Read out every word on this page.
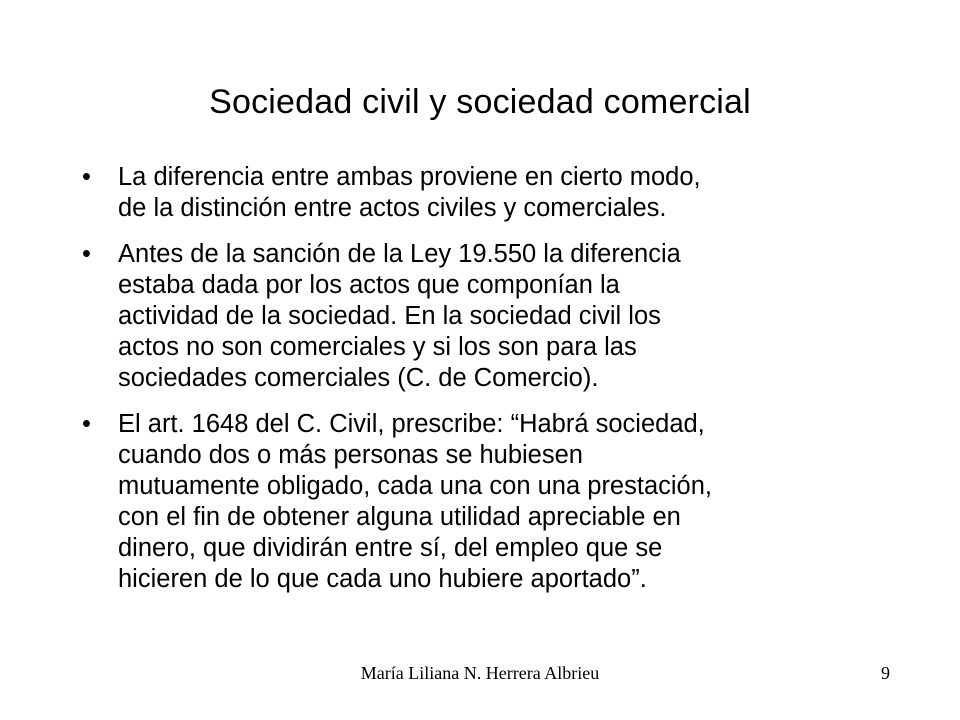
Sociedad civil y sociedad comercial
•	La diferencia entre ambas proviene en cierto modo,
de la distinción entre actos civiles y comerciales.
•	Antes de la sanción de la Ley 19.550 la diferencia
estaba dada por los actos que componían la
actividad de la sociedad. En la sociedad civil los
actos no son comerciales y si los son para las
sociedades comerciales (C. de Comercio).
•	El art. 1648 del C. Civil, prescribe: “Habrá sociedad,
cuando dos o más personas se hubiesen
mutuamente obligado, cada una con una prestación,
con el fin de obtener alguna utilidad apreciable en
dinero, que dividirán entre sí, del empleo que se
hicieren de lo que cada uno hubiere aportado”.
María Liliana N. Herrera Albrieu	9
